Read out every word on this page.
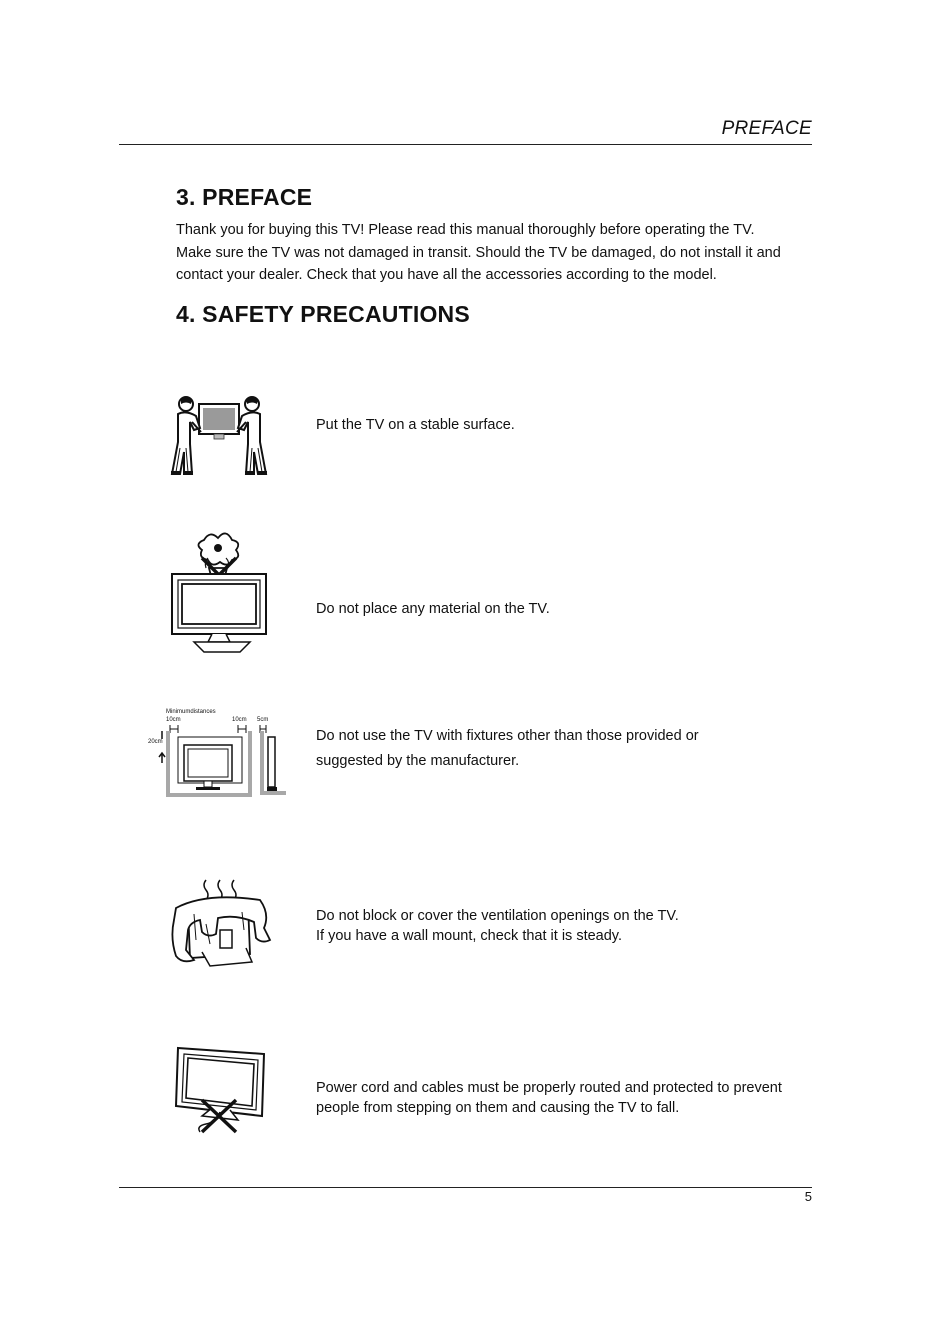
PREFACE
3. PREFACE
Thank you for buying this TV! Please read this manual thoroughly before operating the TV.
Make sure the TV was not damaged in transit. Should the TV be damaged, do not install it and
contact your dealer. Check that you have all the accessories according to the model.
4. SAFETY PRECAUTIONS
Put the TV on a stable surface.
Do not place any material on the TV.
Minimumdistances
10cm	10cm 5cm
20cm	Do not use the TV with fixtures other than those provided or
suggested by the manufacturer.
Do not block or cover the ventilation openings on the TV.
If you have a wall mount, check that it is steady.
Power cord and cables must be properly routed and protected to prevent
people from stepping on them and causing the TV to fall.
5
